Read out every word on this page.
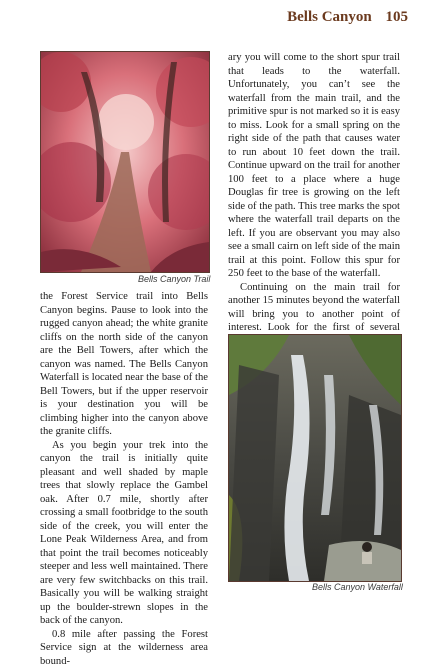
Bells Canyon 105
Bells Canyon Trail

the Forest Service trail into Bells Canyon begins. Pause to look into the rugged canyon ahead; the white granite cliffs on the north side of the canyon are the Bell Towers, after which the canyon was named. The Bells Canyon Waterfall is located near the base of the Bell Towers, but if the upper reservoir is your destination you will be climbing higher into the canyon above the granite cliffs.

As you begin your trek into the canyon the trail is initially quite pleasant and well shaded by maple trees that slowly replace the Gambel oak. After 0.7 mile, shortly after crossing a small footbridge to the south side of the creek, you will enter the Lone Peak Wilderness Area, and from that point the trail becomes noticeably steeper and less well maintained. There are very few switchbacks on this trail. Basically you will be walking straight up the boulder-strewn slopes in the back of the canyon.

0.8 mile after passing the Forest Service sign at the wilderness area bound-

ary you will come to the short spur trail that leads to the waterfall. Unfortunately, you can’t see the waterfall from the main trail, and the primitive spur is not marked so it is easy to miss. Look for a small spring on the right side of the path that causes water to run about 10 feet down the trail. Continue upward on the trail for another 100 feet to a place where a huge Douglas fir tree is growing on the left side of the path. This tree marks the spot where the waterfall trail departs on the left. If you are observant you may also see a small cairn on left side of the main trail at this point. Follow this spur for 250 feet to the base of the waterfall.

Continuing on the main trail for another 15 minutes beyond the waterfall will bring you to another point of interest. Look for the first of several

Bells Canyon Waterfall
